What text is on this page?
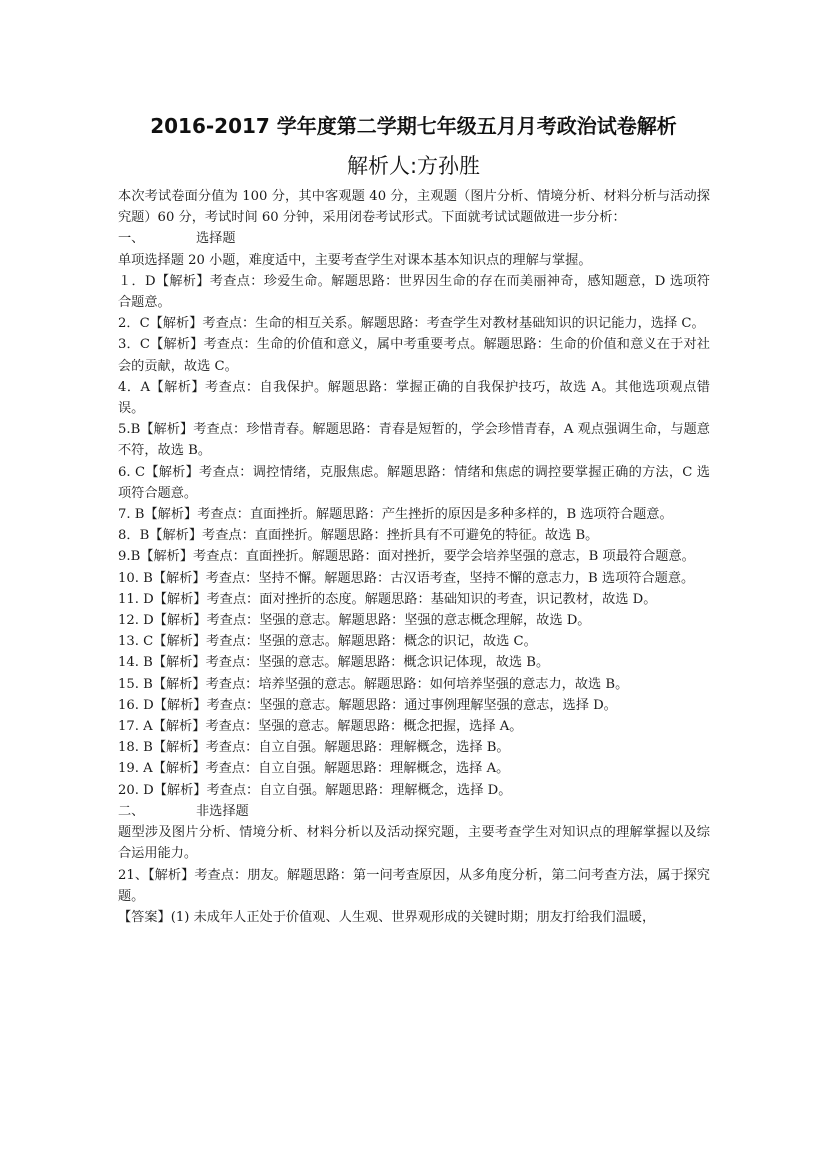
2016-2017 学年度第二学期七年级五月月考政治试卷解析
解析人:方孙胜

本次考试卷面分值为 100 分，其中客观题 40 分，主观题（图片分析、情境分析、材料分析与活动探究题）60 分，考试时间 60 分钟，采用闭卷考试形式。下面就考试试题做进一步分析：

一、	选择题

单项选择题 20 小题，难度适中，主要考查学生对课本基本知识点的理解与掌握。

１．D【解析】考查点：珍爱生命。解题思路：世界因生命的存在而美丽神奇，感知题意，D 选项符合题意。

2．C【解析】考查点：生命的相互关系。解题思路：考查学生对教材基础知识的识记能力，选择 C。

3．C【解析】考查点：生命的价值和意义，属中考重要考点。解题思路：生命的价值和意义在于对社会的贡献，故选 C。

4．A【解析】考查点：自我保护。解题思路：掌握正确的自我保护技巧，故选 A。其他选项观点错误。

5.B【解析】考查点：珍惜青春。解题思路：青春是短暂的，学会珍惜青春，A 观点强调生命，与题意不符，故选 B。

6. C【解析】考查点：调控情绪，克服焦虑。解题思路：情绪和焦虑的调控要掌握正确的方法，C 选项符合题意。

7. B【解析】考查点：直面挫折。解题思路：产生挫折的原因是多种多样的，B 选项符合题意。

8．B【解析】考查点：直面挫折。解题思路：挫折具有不可避免的特征。故选 B。

9.B【解析】考查点：直面挫折。解题思路：面对挫折，要学会培养坚强的意志，B 项最符合题意。

10. B【解析】考查点：坚持不懈。解题思路：古汉语考查，坚持不懈的意志力，B 选项符合题意。

11. D【解析】考查点：面对挫折的态度。解题思路：基础知识的考查，识记教材，故选 D。

12. D【解析】考查点：坚强的意志。解题思路：坚强的意志概念理解，故选 D。

13. C【解析】考查点：坚强的意志。解题思路：概念的识记，故选 C。

14. B【解析】考查点：坚强的意志。解题思路：概念识记体现，故选 B。

15. B【解析】考查点：培养坚强的意志。解题思路：如何培养坚强的意志力，故选 B。

16. D【解析】考查点：坚强的意志。解题思路：通过事例理解坚强的意志，选择 D。

17. A【解析】考查点：坚强的意志。解题思路：概念把握，选择 A。

18. B【解析】考查点：自立自强。解题思路：理解概念，选择 B。

19. A【解析】考查点：自立自强。解题思路：理解概念，选择 A。

20. D【解析】考查点：自立自强。解题思路：理解概念，选择 D。

二、	非选择题

题型涉及图片分析、情境分析、材料分析以及活动探究题，主要考查学生对知识点的理解掌握以及综合运用能力。

21、【解析】考查点：朋友。解题思路：第一问考查原因，从多角度分析，第二问考查方法，属于探究题。

【答案】(1) 未成年人正处于价值观、人生观、世界观形成的关键时期；朋友打给我们温暖，
